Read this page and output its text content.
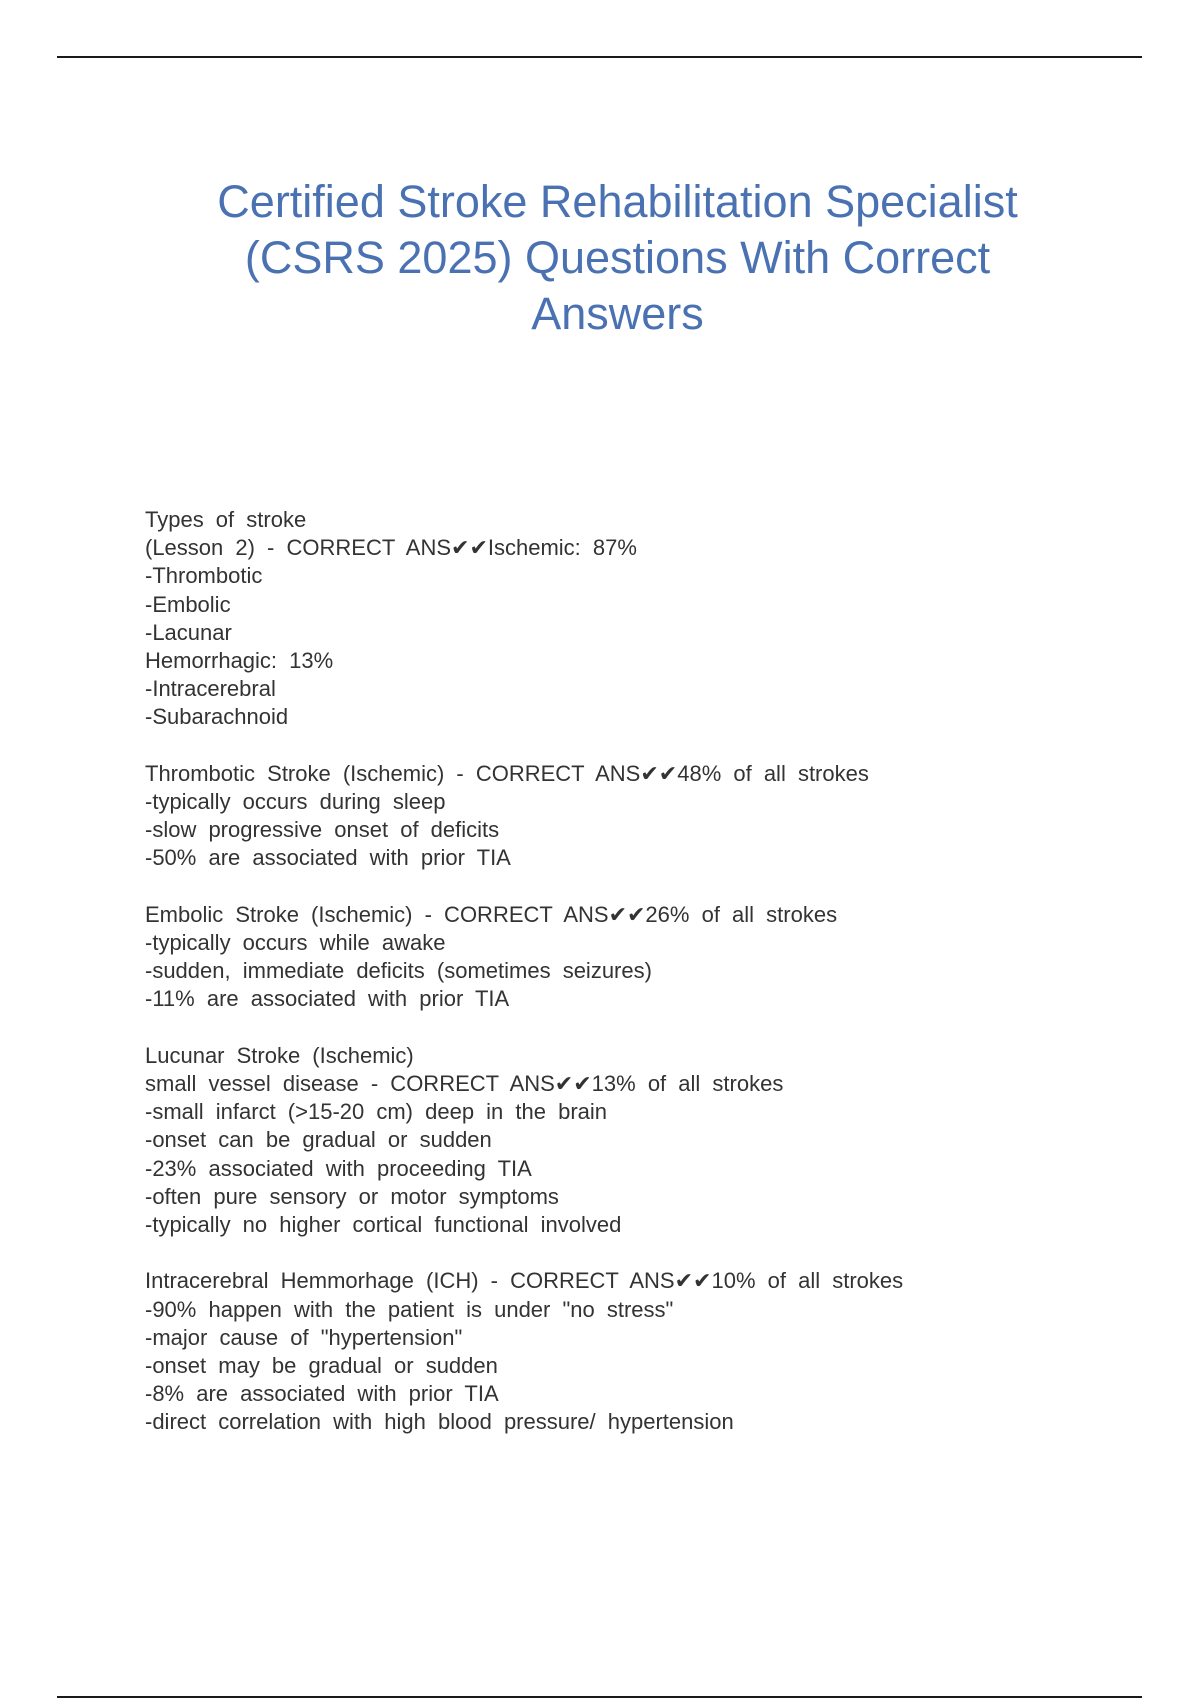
Certified Stroke Rehabilitation Specialist
(CSRS 2025) Questions With Correct
Answers
Types of stroke
(Lesson 2) - CORRECT ANS✔✔Ischemic: 87%
-Thrombotic
-Embolic
-Lacunar
Hemorrhagic: 13%
-Intracerebral
-Subarachnoid
Thrombotic Stroke (Ischemic) - CORRECT ANS✔✔48% of all strokes
-typically occurs during sleep
-slow progressive onset of deficits
-50% are associated with prior TIA
Embolic Stroke (Ischemic) - CORRECT ANS✔✔26% of all strokes
-typically occurs while awake
-sudden, immediate deficits (sometimes seizures)
-11% are associated with prior TIA
Lucunar Stroke (Ischemic)
small vessel disease - CORRECT ANS✔✔13% of all strokes
-small infarct (>15-20 cm) deep in the brain
-onset can be gradual or sudden
-23% associated with proceeding TIA
-often pure sensory or motor symptoms
-typically no higher cortical functional involved
Intracerebral Hemmorhage (ICH) - CORRECT ANS✔✔10% of all strokes
-90% happen with the patient is under "no stress"
-major cause of "hypertension"
-onset may be gradual or sudden
-8% are associated with prior TIA
-direct correlation with high blood pressure/ hypertension
